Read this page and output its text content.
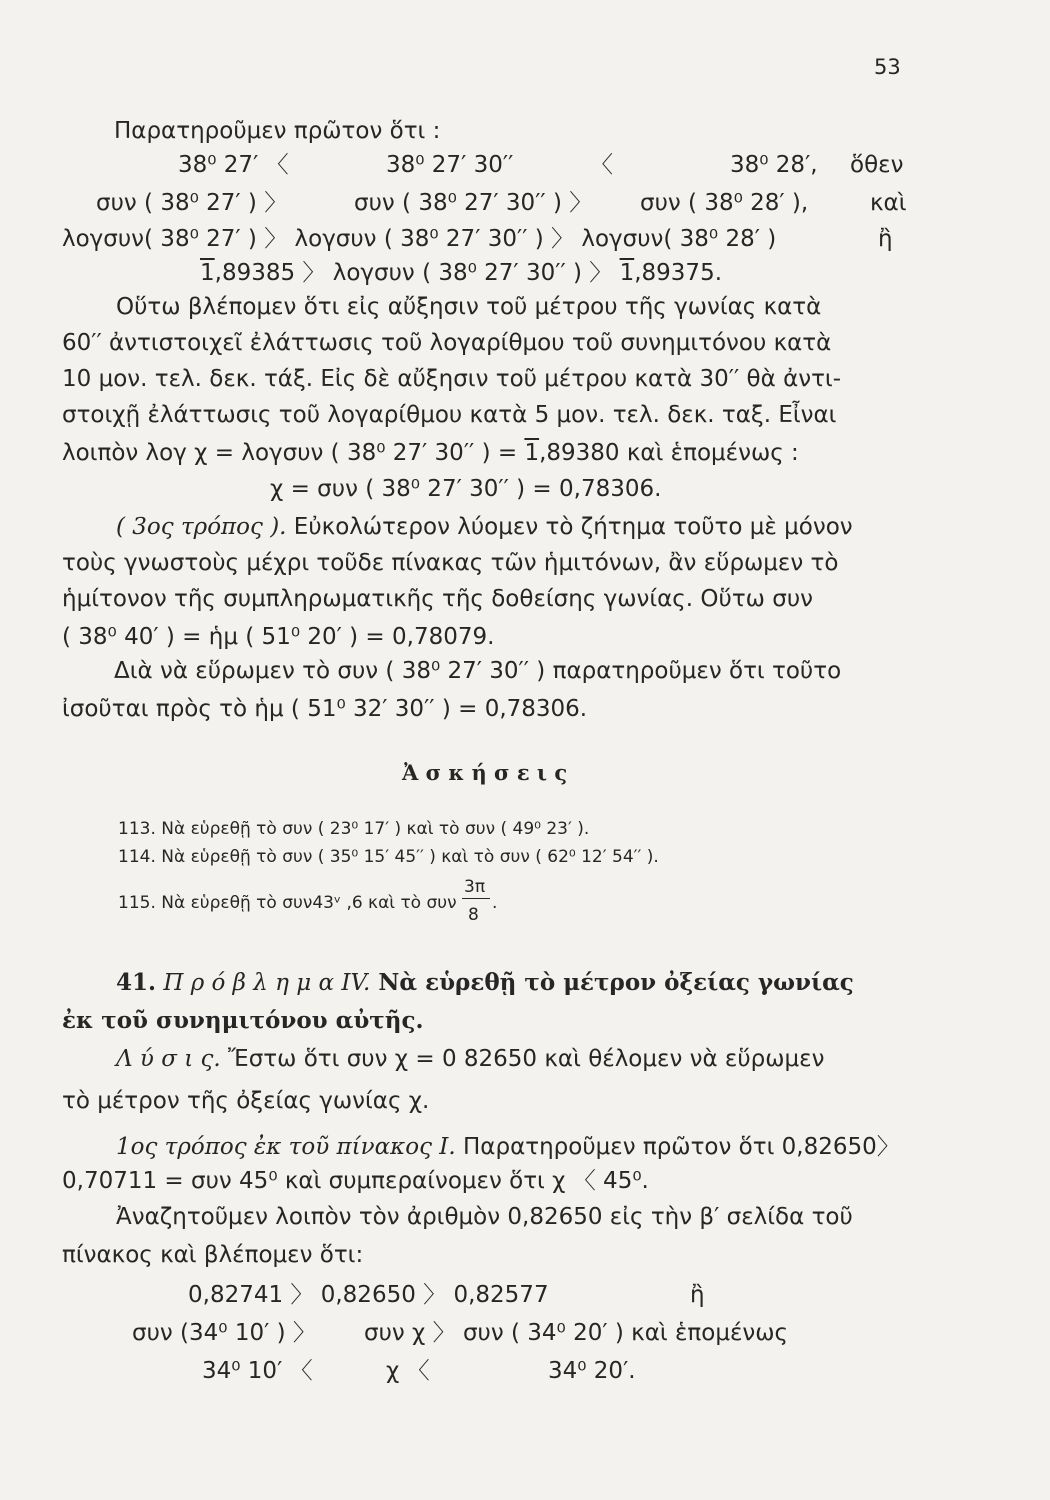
53
Παρατηροῦμεν πρῶτον ὅτι :
38⁰ 27′ 〈	38⁰ 27′ 30′′	〈	38⁰ 28′, ὅθεν
συν ( 38⁰ 27′ ) 〉	συν ( 38⁰ 27′ 30′′ ) 〉 συν ( 38⁰ 28′ ),	καὶ
λογσυν( 38⁰ 27′ ) 〉 λογσυν ( 38⁰ 27′ 30′′ ) 〉 λογσυν( 38⁰ 28′ )	ἢ
1,89385 〉 λογσυν ( 38⁰ 27′ 30′′ ) 〉 1,89375.
Οὕτω βλέπομεν ὅτι εἰς αὔξησιν τοῦ μέτρου τῆς γωνίας κατὰ
60′′ ἀντιστοιχεῖ ἐλάττωσις τοῦ λογαρίθμου τοῦ συνημιτόνου κατὰ
10 μον. τελ. δεκ. τάξ. Εἰς δὲ αὔξησιν τοῦ μέτρου κατὰ 30′′ θὰ ἀντι-
στοιχῇ ἐλάττωσις τοῦ λογαρίθμου κατὰ 5 μον. τελ. δεκ. ταξ. Εἶναι
λοιπὸν λογ χ = λογσυν ( 38⁰ 27′ 30′′ ) = 1,89380 καὶ ἑπομένως :
χ = συν ( 38⁰ 27′ 30′′ ) = 0,78306.
( 3ος τρόπος ). Εὐκολώτερον λύομεν τὸ ζήτημα τοῦτο μὲ μόνον
τοὺς γνωστοὺς μέχρι τοῦδε πίνακας τῶν ἡμιτόνων, ἂν εὕρωμεν τὸ
ἡμίτονον τῆς συμπληρωματικῆς τῆς δοθείσης γωνίας. Οὕτω συν
( 38⁰ 40′ ) = ἡμ ( 51⁰ 20′ ) = 0,78079.
Διὰ νὰ εὕρωμεν τὸ συν ( 38⁰ 27′ 30′′ ) παρατηροῦμεν ὅτι τοῦτο
ἰσοῦται πρὸς τὸ ἡμ ( 51⁰ 32′ 30′′ ) = 0,78306.
Ἀ σ κ ή σ ε ι ς
113. Νὰ εὑρεθῇ τὸ συν ( 23⁰ 17′ ) καὶ τὸ συν ( 49⁰ 23′ ).
114. Νὰ εὑρεθῇ τὸ συν ( 35⁰ 15′ 45′′ ) καὶ τὸ συν ( 62⁰ 12′ 54′′ ).
115. Νὰ εὑρεθῇ τὸ συν43ᵛ ,6 καὶ τὸ συν $\frac{3\pi}{8}$ .
41. Π ρ ό β λ η μ α IV. Νὰ εὑρεθῇ τὸ μέτρον ὀξείας γωνίας
ἐκ τοῦ συνημιτόνου αὐτῆς.
Λ ύ σ ι ς. Ἔστω ὅτι συν χ = 0 82650 καὶ θέλομεν νὰ εὕρωμεν
τὸ μέτρον τῆς ὀξείας γωνίας χ.
1ος τρόπος ἐκ τοῦ πίνακος I. Παρατηροῦμεν πρῶτον ὅτι 0,82650〉
0,70711 = συν 45⁰ καὶ συμπεραίνομεν ὅτι χ 〈 45⁰.
Ἀναζητοῦμεν λοιπὸν τὸν ἀριθμὸν 0,82650 εἰς τὴν β′ σελίδα τοῦ
πίνακος καὶ βλέπομεν ὅτι:
0,82741 〉 0,82650 〉 0,82577	ἢ
συν (34⁰ 10′ ) 〉 συν χ 〉 συν ( 34⁰ 20′ ) καὶ ἑπομένως
34⁰ 10′ 〈	χ 〈	34⁰ 20′.
